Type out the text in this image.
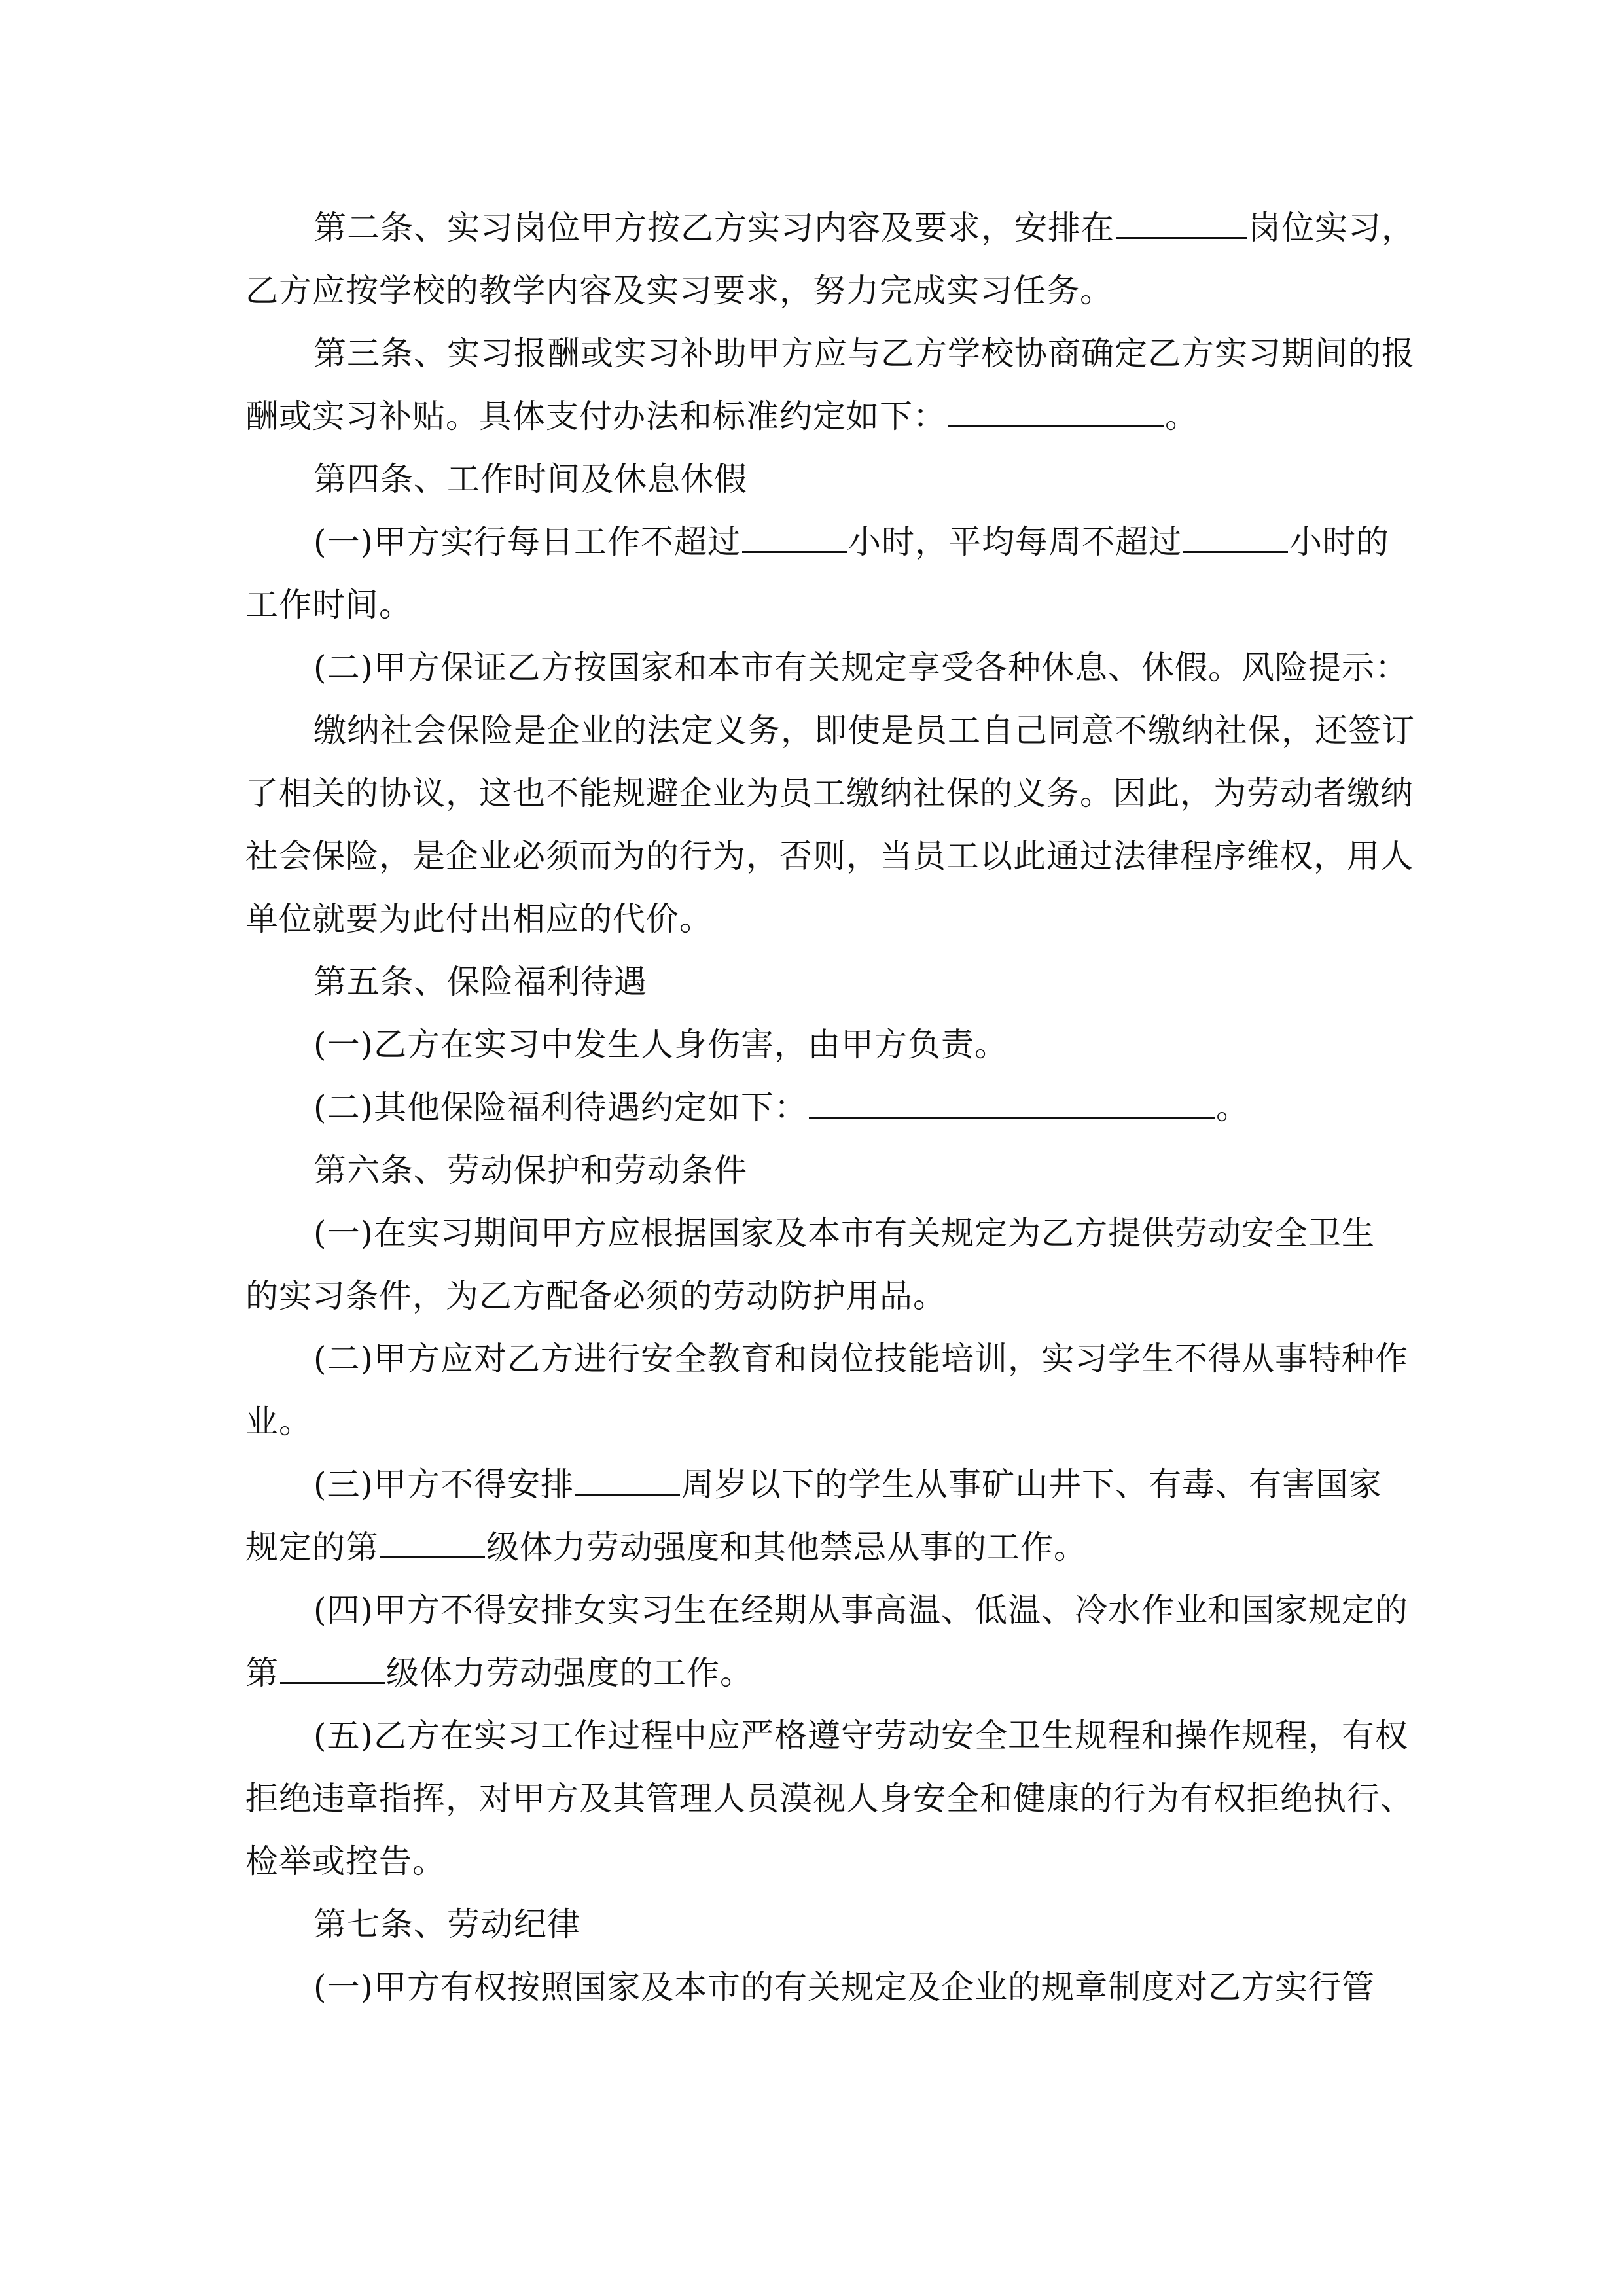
第二条、实习岗位甲方按乙方实习内容及要求，安排在	岗位实习，
乙方应按学校的教学内容及实习要求，努力完成实习任务。
第三条、实习报酬或实习补助甲方应与乙方学校协商确定乙方实习期间的报
酬或实习补贴。具体支付办法和标准约定如下：	。
第四条、工作时间及休息休假
(一)甲方实行每日工作不超过	小时，平均每周不超过	小时的
工作时间。
(二)甲方保证乙方按国家和本市有关规定享受各种休息、休假。风险提示：
缴纳社会保险是企业的法定义务，即使是员工自己同意不缴纳社保，还签订
了相关的协议，这也不能规避企业为员工缴纳社保的义务。因此，为劳动者缴纳
社会保险，是企业必须而为的行为，否则，当员工以此通过法律程序维权，用人
单位就要为此付出相应的代价。
第五条、保险福利待遇
(一)乙方在实习中发生人身伤害，由甲方负责。
(二)其他保险福利待遇约定如下：	。
第六条、劳动保护和劳动条件
(一)在实习期间甲方应根据国家及本市有关规定为乙方提供劳动安全卫生
的实习条件，为乙方配备必须的劳动防护用品。
(二)甲方应对乙方进行安全教育和岗位技能培训，实习学生不得从事特种作
业。
(三)甲方不得安排	周岁以下的学生从事矿山井下、有毒、有害国家
规定的第	级体力劳动强度和其他禁忌从事的工作。
(四)甲方不得安排女实习生在经期从事高温、低温、冷水作业和国家规定的
第	级体力劳动强度的工作。
(五)乙方在实习工作过程中应严格遵守劳动安全卫生规程和操作规程，有权
拒绝违章指挥，对甲方及其管理人员漠视人身安全和健康的行为有权拒绝执行、
检举或控告。
第七条、劳动纪律
(一)甲方有权按照国家及本市的有关规定及企业的规章制度对乙方实行管
